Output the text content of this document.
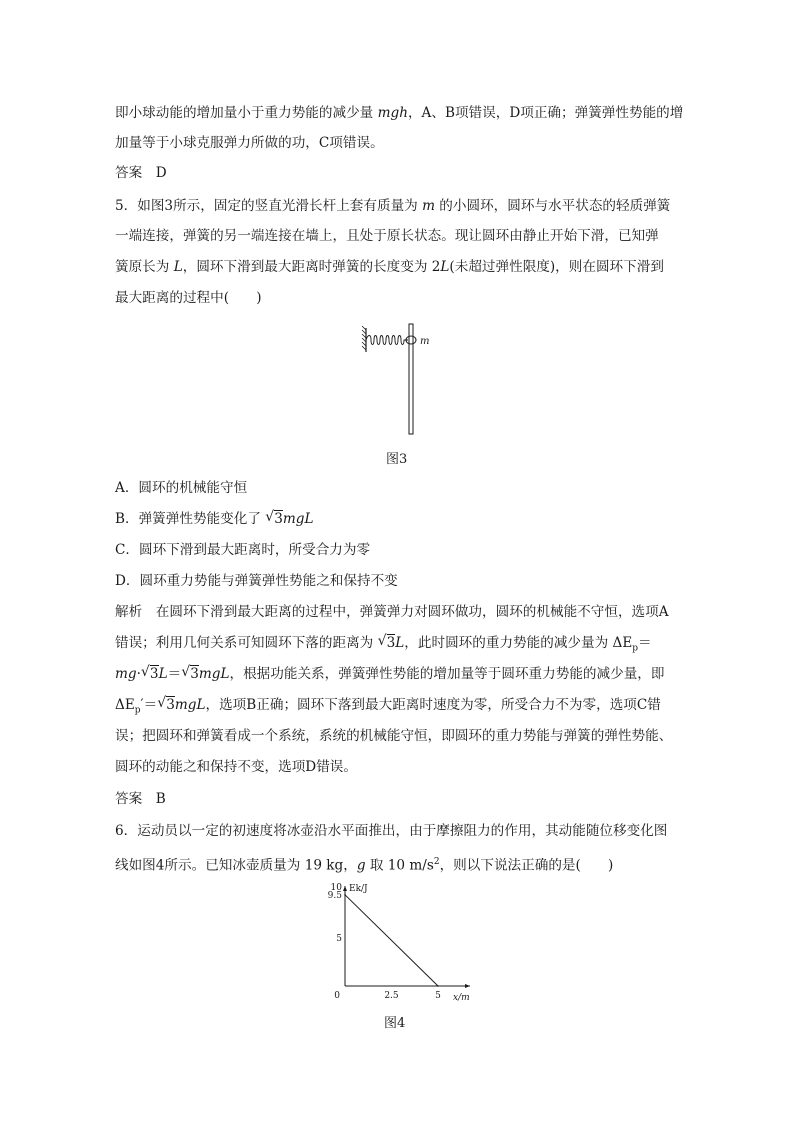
即小球动能的增加量小于重力势能的减少量 mgh，A、B项错误，D项正确；弹簧弹性势能的增
加量等于小球克服弹力所做的功，C项错误。
答案　D
5．如图3所示，固定的竖直光滑长杆上套有质量为 m 的小圆环，圆环与水平状态的轻质弹簧
一端连接，弹簧的另一端连接在墙上，且处于原长状态。现让圆环由静止开始下滑，已知弹
簧原长为 L，圆环下滑到最大距离时弹簧的长度变为 2L(未超过弹性限度)，则在圆环下滑到
最大距离的过程中(　　)
m
图3
A．圆环的机械能守恒
B．弹簧弹性势能变化了 √ 3mgL
C．圆环下滑到最大距离时，所受合力为零
D．圆环重力势能与弹簧弹性势能之和保持不变
解析　在圆环下滑到最大距离的过程中，弹簧弹力对圆环做功，圆环的机械能不守恒，选项A
错误；利用几何关系可知圆环下落的距离为 √ 3L，此时圆环的重力势能的减少量为 $\Delta E_p=$
mg· √ 3L＝ √ 3mgL，根据功能关系，弹簧弹性势能的增加量等于圆环重力势能的减少量，即
$\Delta E_p'=$ √ 3mgL，选项B正确；圆环下落到最大距离时速度为零，所受合力不为零，选项C错
误；把圆环和弹簧看成一个系统，系统的机械能守恒，即圆环的重力势能与弹簧的弹性势能、
圆环的动能之和保持不变，选项D错误。
答案　B
6．运动员以一定的初速度将冰壶沿水平面推出，由于摩擦阻力的作用，其动能随位移变化图
线如图4所示。已知冰壶质量为 19 kg，g 取 10 $m/s^2$，则以下说法正确的是(　　)
Ek/J
x/m
5
9.5
10
0	2.5	5
图4
